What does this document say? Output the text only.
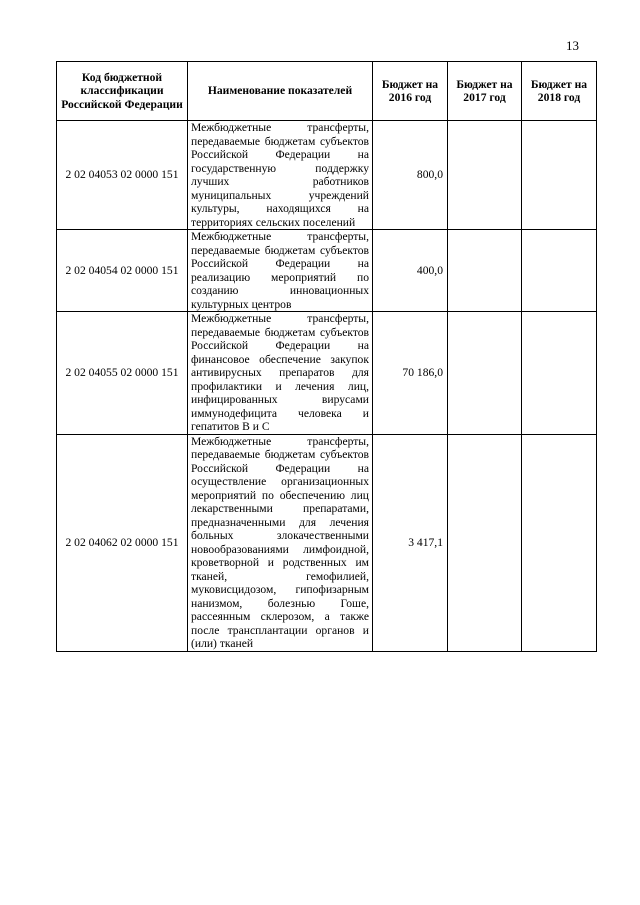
13
Код бюджетной классификации Российской Федерации	Наименование показателей	Бюджет на 2016 год	Бюджет на 2017 год	Бюджет на 2018 год
2 02 04053 02 0000 151	Межбюджетные трансферты, передаваемые бюджетам субъектов Российской Федерации на государственную поддержку лучших работников муниципальных учреждений культуры, находящихся на территориях сельских поселений	800,0		
2 02 04054 02 0000 151	Межбюджетные трансферты, передаваемые бюджетам субъектов Российской Федерации на реализацию мероприятий по созданию инновационных культурных центров	400,0		
2 02 04055 02 0000 151	Межбюджетные трансферты, передаваемые бюджетам субъектов Российской Федерации на финансовое обеспечение закупок антивирусных препаратов для профилактики и лечения лиц, инфицированных вирусами иммунодефицита человека и гепатитов B и C	70 186,0		
2 02 04062 02 0000 151	Межбюджетные трансферты, передаваемые бюджетам субъектов Российской Федерации на осуществление организационных мероприятий по обеспечению лиц лекарственными препаратами, предназначенными для лечения больных злокачественными новообразованиями лимфоидной, кроветворной и родственных им тканей, гемофилией, муковисцидозом, гипофизарным нанизмом, болезнью Гоше, рассеянным склерозом, а также после трансплантации органов и (или) тканей	3 417,1		
